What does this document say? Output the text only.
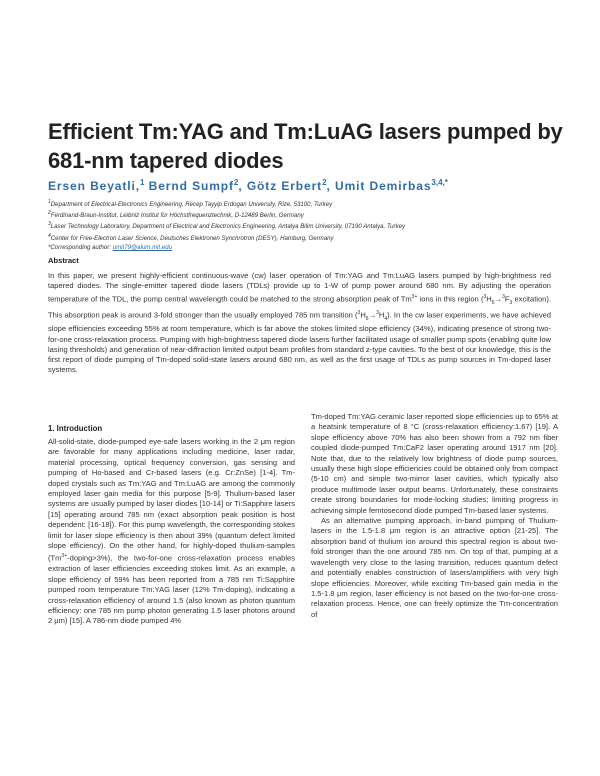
Efficient Tm:YAG and Tm:LuAG lasers pumped by 681-nm tapered diodes
Ersen Beyatli,$^1$ Bernd Sumpf$^2$, Götz Erbert$^2$, Umit Demirbas$^{3,4,*}$
$^1$Department of Electrical-Electronics Engineering, Recep Tayyip Erdogan University, Rize, 53100, Turkey
$^2$Ferdinand-Braun-Institut, Leibniz Institut für Höchstfrequenztechnik, D-12489 Berlin, Germany
$^3$Laser Technology Laboratory, Department of Electrical and Electronics Engineering, Antalya Bilim University, 07190 Antalya, Turkey
$^4$Center for Free-Electron Laser Science, Deutsches Elektronen Synchrotron (DESY), Hamburg, Germany
*Corresponding author: umit79@alum.mit.edu
Abstract
In this paper, we present highly-efficient continuous-wave (cw) laser operation of Tm:YAG and Tm:LuAG lasers pumped by high-brightness red tapered diodes. The single-emitter tapered diode lasers (TDLs) provide up to 1-W of pump power around 680 nm. By adjusting the operation temperature of the TDL, the pump central wavelength could be matched to the strong absorption peak of $Tm^{3+}$ ions in this region ($^3H_6\to^3F_3$ excitation). This absorption peak is around 3-fold stronger than the usually employed 785 nm transition $(^3H_6\to^3H_4)$. In the cw laser experiments, we have achieved slope efficiencies exceeding 55% at room temperature, which is far above the stokes limited slope efficiency (34%), indicating presence of strong two-for-one cross-relaxation process. Pumping with high-brightness tapered diode lasers further facilitated usage of smaller pump spots (enabling quite low lasing thresholds) and generation of near-diffraction limited output beam profiles from standard z-type cavities. To the best of our knowledge, this is the first report of diode pumping of Tm-doped solid-state lasers around 680 nm, as well as the first usage of TDLs as pump sources in Tm-doped laser systems.
1. Introduction

All-solid-state, diode-pumped eye-safe lasers working in the 2 μm region are favorable for many applications including medicine, laser radar, material processing, optical frequency conversion, gas sensing and pumping of Ho-based and Cr-based lasers (e.g. Cr:ZnSe) [1-4]. Tm-doped crystals such as Tm:YAG and Tm:LuAG are among the commonly employed laser gain media for this purpose [5-9]. Thulium-based laser systems are usually pumped by laser diodes [10-14] or Ti:Sapphire lasers [15] operating around 785 nm (exact absorption peak position is host dependent: [16-18]). For this pump wavelength, the corresponding stokes limit for laser slope efficiency is then about 39% (quantum defect limited slope efficiency). On the other hand, for highly-doped thulium-samples $(Tm^{3+}-doping>3\%)$, the two-for-one cross-relaxation process enables extraction of laser efficiencies exceeding stokes limit. As an example, a slope efficiency of 59% has been reported from a 785 nm Ti:Sapphire pumped room temperature Tm:YAG laser (12% Tm-doping), indicating a cross-relaxation efficiency of around 1.5 (also known as photon quantum efficiency: one 785 nm pump photon generating 1.5 laser photons around 2 μm) [15]. A 786-nm diode pumped 4%

Tm-doped Tm:YAG ceramic laser reported slope efficiencies up to 65% at a heatsink temperature of 8 °C (cross-relaxation efficiency:1.67) [19]. A slope efficiency above 70% has also been shown from a 792 nm fiber coupled diode-pumped Tm:CaF2 laser operating around 1917 nm [20]. Note that, due to the relatively low brightness of diode pump sources, usually these high slope efficiencies could be obtained only from compact (5-10 cm) and simple two-mirror laser cavities, which typically also produce multimode laser output beams. Unfortunately, these constraints create strong boundaries for mode-locking studies; limiting progress in achieving simple femtosecond diode pumped Tm-based laser systems.

As an alternative pumping approach, in-band pumping of Thulium-lasers in the 1.5-1.8 μm region is an attractive option [21-25]. The absorption band of thulium ion around this spectral region is about two-fold stronger than the one around 785 nm. On top of that, pumping at a wavelength very close to the lasing transition, reduces quantum defect and potentially enables construction of lasers/amplifiers with very high slope efficiencies. Moreover, while exciting Tm-based gain media in the 1.5-1.8 μm region, laser efficiency is not based on the two-for-one cross-relaxation process. Hence, one can freely optimize the Tm-concentration of
